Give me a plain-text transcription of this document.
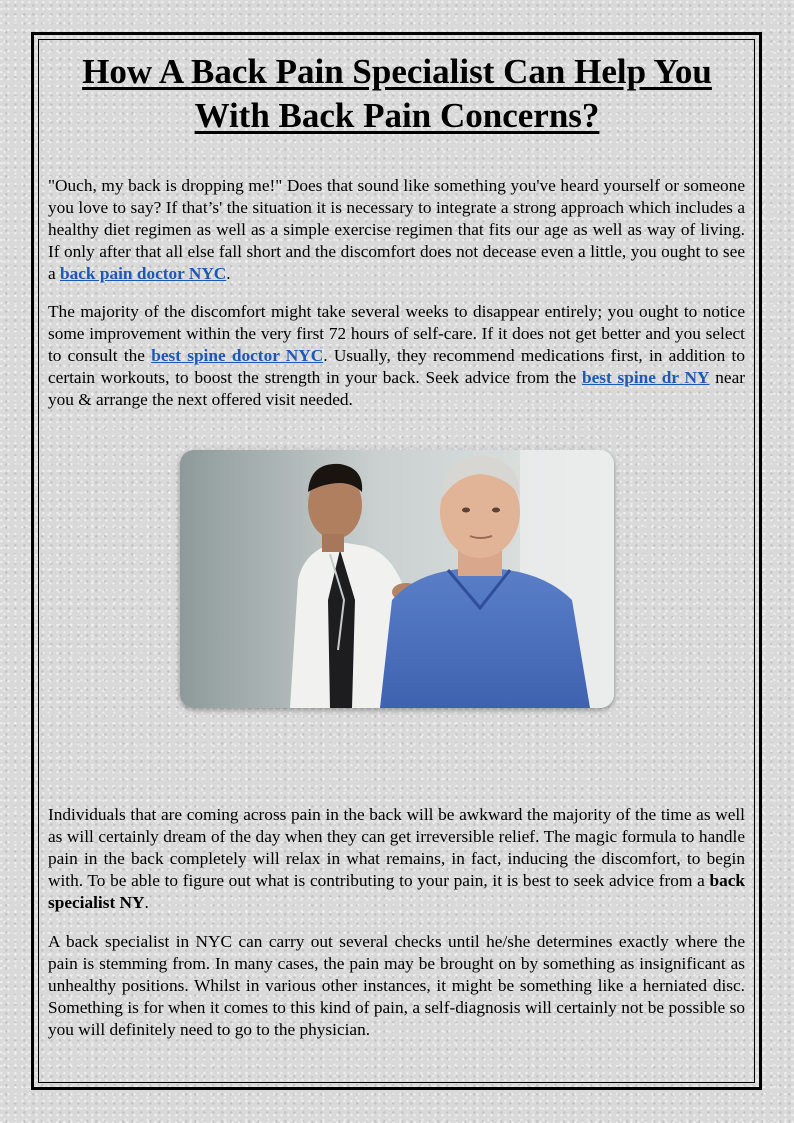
How A Back Pain Specialist Can Help You
With Back Pain Concerns?

"Ouch, my back is dropping me!" Does that sound like something you've heard yourself or someone you love to say? If that’s' the situation it is necessary to integrate a strong approach which includes a healthy diet regimen as well as a simple exercise regimen that fits our age as well as way of living. If only after that all else fall short and the discomfort does not decease even a little, you ought to see a back pain doctor NYC.

The majority of the discomfort might take several weeks to disappear entirely; you ought to notice some improvement within the very first 72 hours of self-care. If it does not get better and you select to consult the best spine doctor NYC. Usually, they recommend medications first, in addition to certain workouts, to boost the strength in your back. Seek advice from the best spine dr NY near you & arrange the next offered visit needed.

Individuals that are coming across pain in the back will be awkward the majority of the time as well as will certainly dream of the day when they can get irreversible relief. The magic formula to handle pain in the back completely will relax in what remains, in fact, inducing the discomfort, to begin with. To be able to figure out what is contributing to your pain, it is best to seek advice from a back specialist NY.

A back specialist in NYC can carry out several checks until he/she determines exactly where the pain is stemming from. In many cases, the pain may be brought on by something as insignificant as unhealthy positions. Whilst in various other instances, it might be something like a herniated disc. Something is for when it comes to this kind of pain, a self-diagnosis will certainly not be possible so you will definitely need to go to the physician.
